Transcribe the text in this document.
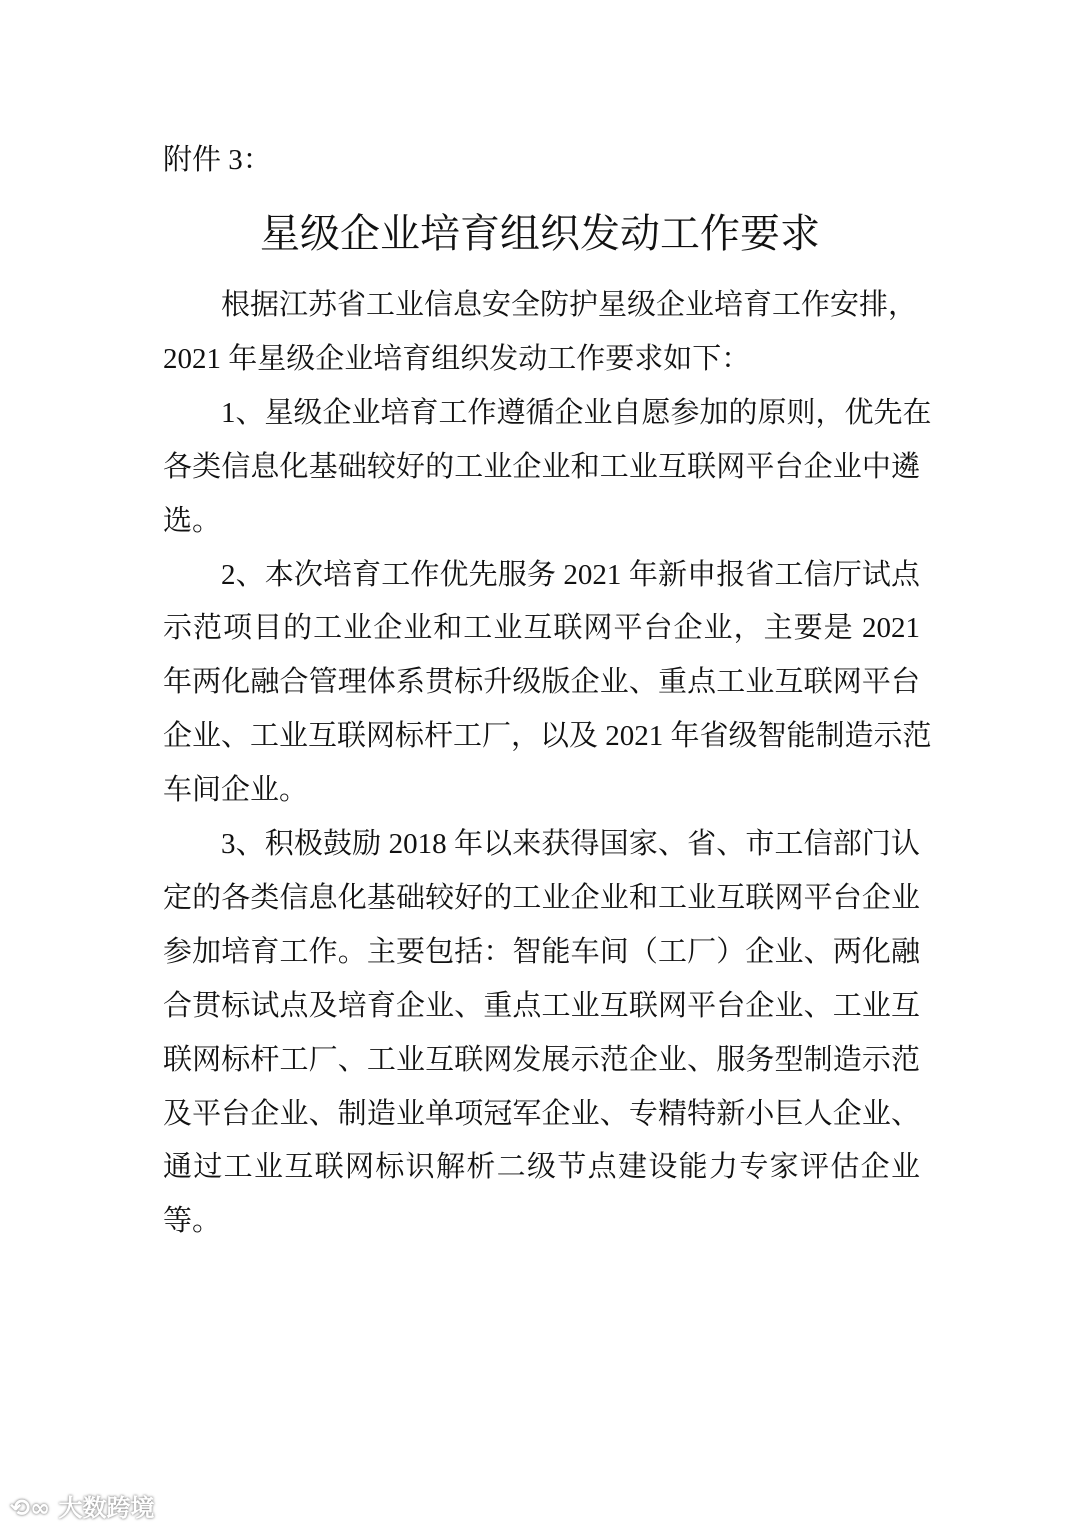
附件 3：
星级企业培育组织发动工作要求
根据江苏省工业信息安全防护星级企业培育工作安排，
2021 年星级企业培育组织发动工作要求如下：
1、星级企业培育工作遵循企业自愿参加的原则，优先在
各类信息化基础较好的工业企业和工业互联网平台企业中遴
选。
2、本次培育工作优先服务 2021 年新申报省工信厅试点
示范项目的工业企业和工业互联网平台企业，主要是 2021
年两化融合管理体系贯标升级版企业、重点工业互联网平台
企业、工业互联网标杆工厂，以及 2021 年省级智能制造示范
车间企业。
3、积极鼓励 2018 年以来获得国家、省、市工信部门认
定的各类信息化基础较好的工业企业和工业互联网平台企业
参加培育工作。主要包括：智能车间（工厂）企业、两化融
合贯标试点及培育企业、重点工业互联网平台企业、工业互
联网标杆工厂、工业互联网发展示范企业、服务型制造示范
及平台企业、制造业单项冠军企业、专精特新小巨人企业、
通过工业互联网标识解析二级节点建设能力专家评估企业
等。
⟲∞ 大数跨境
